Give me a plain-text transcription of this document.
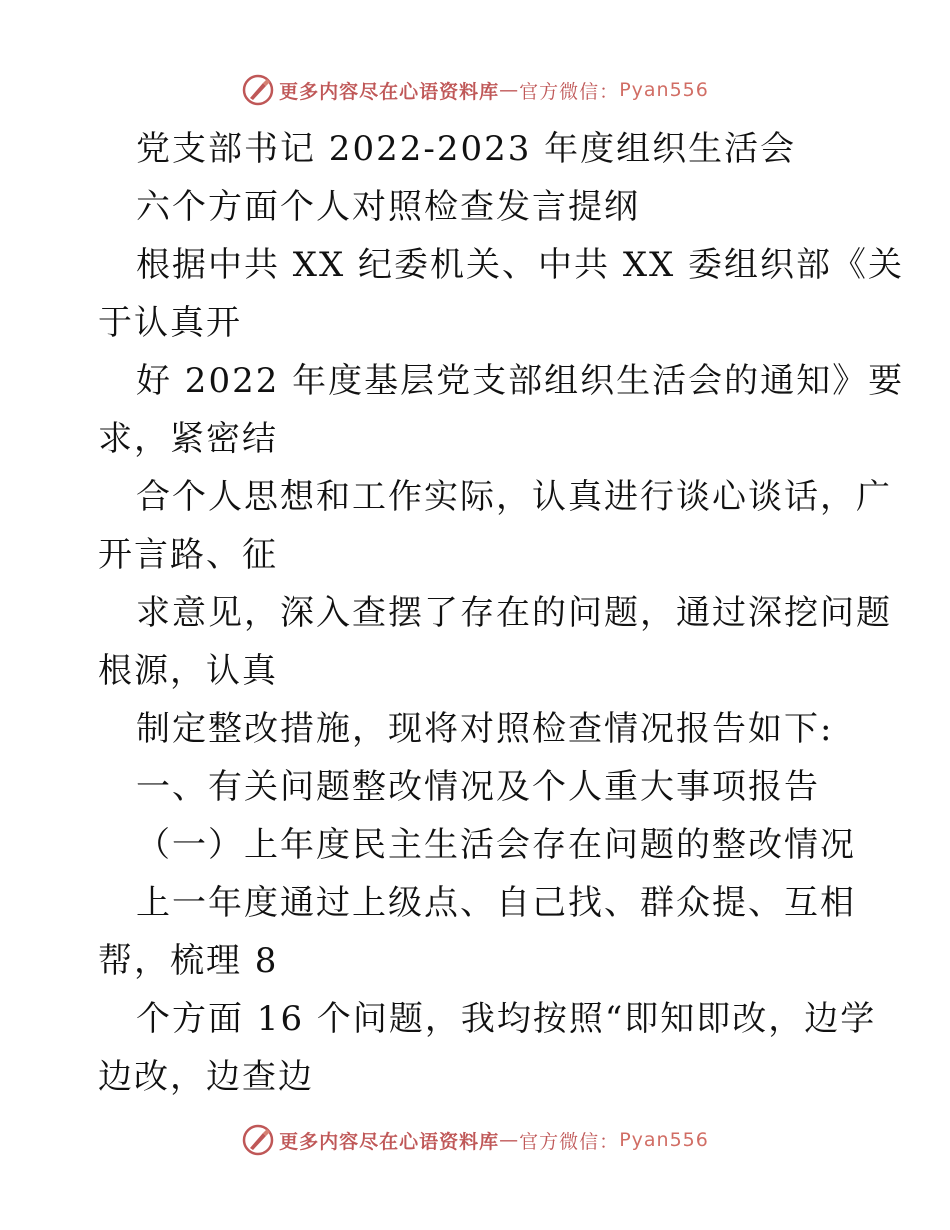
更多内容尽在心语资料库 — 官方微信： Pyan556
党支部书记 2022-2023 年度组织生活会
六个方面个人对照检查发言提纲
根据中共 XX 纪委机关、中共 XX 委组织部《关
于认真开
好 2022 年度基层党支部组织生活会的通知》要
求，紧密结
合个人思想和工作实际，认真进行谈心谈话，广
开言路、征
求意见，深入查摆了存在的问题，通过深挖问题
根源，认真
制定整改措施，现将对照检查情况报告如下:
一、有关问题整改情况及个人重大事项报告
（一）上年度民主生活会存在问题的整改情况
上一年度通过上级点、自己找、群众提、互相
帮，梳理 8
个方面 16 个问题，我均按照“即知即改，边学
边改，边查边
更多内容尽在心语资料库 — 官方微信： Pyan556
